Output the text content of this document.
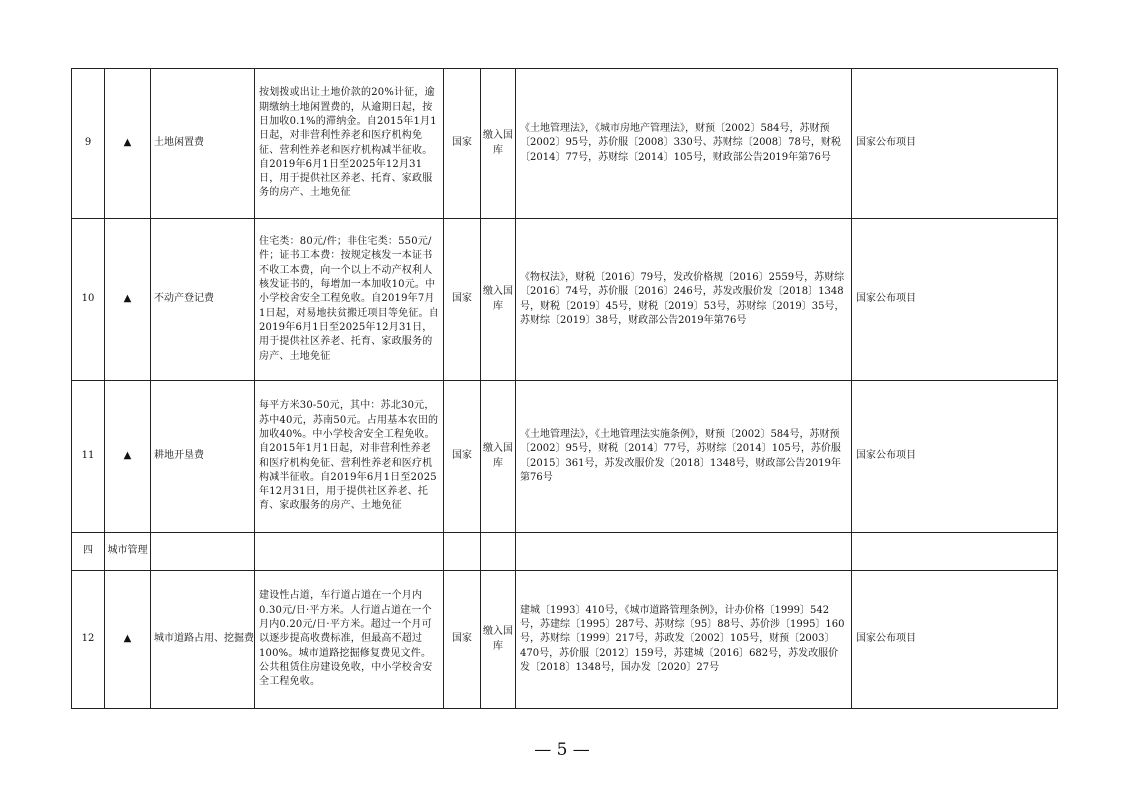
9	▲	土地闲置费	按划拨或出让土地价款的20%计征，逾期缴纳土地闲置费的，从逾期日起，按日加收0.1%的滞纳金。自2015年1月1日起，对非营利性养老和医疗机构免征、营利性养老和医疗机构减半征收。自2019年6月1日至2025年12月31日，用于提供社区养老、托育、家政服务的房产、土地免征	国家	缴入国库	《土地管理法》，《城市房地产管理法》，财预〔2002〕584号，苏财预〔2002〕95号，苏价服〔2008〕330号、苏财综〔2008〕78号，财税〔2014〕77号，苏财综〔2014〕105号，财政部公告2019年第76号	国家公布项目
10	▲	不动产登记费	住宅类：80元/件；非住宅类：550元/件；证书工本费：按规定核发一本证书不收工本费，向一个以上不动产权利人核发证书的，每增加一本加收10元。中小学校舍安全工程免收。自2019年7月1日起，对易地扶贫搬迁项目等免征。自2019年6月1日至2025年12月31日，用于提供社区养老、托育、家政服务的房产、土地免征	国家	缴入国库	《物权法》，财税〔2016〕79号，发改价格规〔2016〕2559号，苏财综〔2016〕74号，苏价服〔2016〕246号，苏发改服价发〔2018〕1348号，财税〔2019〕45号，财税〔2019〕53号，苏财综〔2019〕35号，苏财综〔2019〕38号，财政部公告2019年第76号	国家公布项目
11	▲	耕地开垦费	每平方米30-50元，其中：苏北30元，苏中40元，苏南50元。占用基本农田的加收40%。中小学校舍安全工程免收。自2015年1月1日起，对非营利性养老和医疗机构免征、营利性养老和医疗机构减半征收。自2019年6月1日至2025年12月31日，用于提供社区养老、托育、家政服务的房产、土地免征	国家	缴入国库	《土地管理法》，《土地管理法实施条例》，财预〔2002〕584号，苏财预〔2002〕95号，财税〔2014〕77号，苏财综〔2014〕105号，苏价服〔2015〕361号，苏发改服价发〔2018〕1348号，财政部公告2019年第76号	国家公布项目
四	城市管理						
12	▲	城市道路占用、挖掘费	建设性占道，车行道占道在一个月内0.30元/日·平方米。人行道占道在一个月内0.20元/日·平方米。超过一个月可以逐步提高收费标准，但最高不超过100%。城市道路挖掘修复费见文件。公共租赁住房建设免收，中小学校舍安全工程免收。	国家	缴入国库	建城〔1993〕410号，《城市道路管理条例》，计办价格〔1999〕542号，苏建综〔1995〕287号、苏财综〔95〕88号、苏价涉〔1995〕160号，苏财综〔1999〕217号，苏政发〔2002〕105号，财预〔2003〕470号，苏价服〔2012〕159号，苏建城〔2016〕682号，苏发改服价发〔2018〕1348号，国办发〔2020〕27号	国家公布项目
— 5 —
